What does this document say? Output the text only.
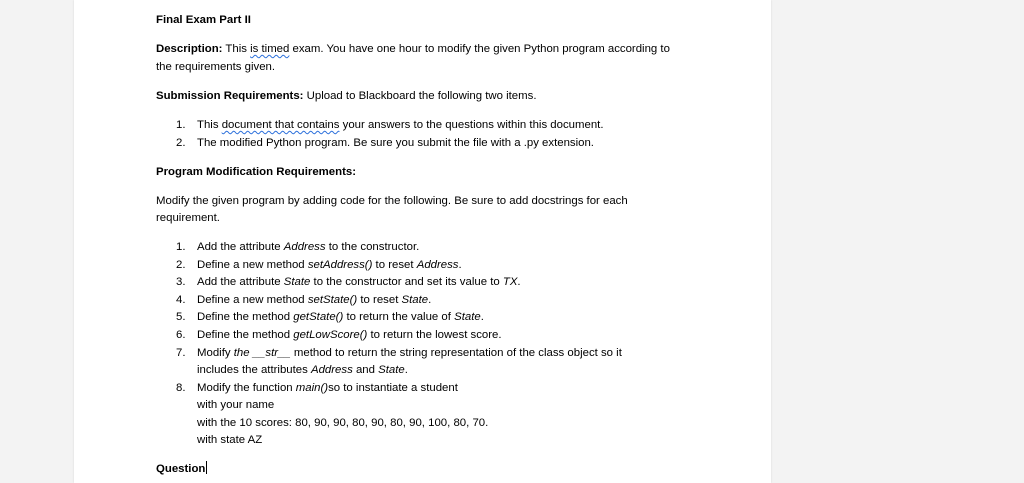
Final Exam Part II
Description: This is timed exam. You have one hour to modify the given Python program according to
the requirements given.
Submission Requirements: Upload to Blackboard the following two items.
1. This document that contains your answers to the questions within this document.
2. The modified Python program. Be sure you submit the file with a .py extension.
Program Modification Requirements:
Modify the given program by adding code for the following. Be sure to add docstrings for each
requirement.
1. Add the attribute Address to the constructor.
2. Define a new method setAddress() to reset Address.
3. Add the attribute State to the constructor and set its value to TX.
4. Define a new method setState() to reset State.
5. Define the method getState() to return the value of State.
6. Define the method getLowScore() to return the lowest score.
7. Modify the __str__ method to return the string representation of the class object so it
includes the attributes Address and State.
8. Modify the function main()so to instantiate a student
with your name
with the 10 scores: 80, 90, 90, 80, 90, 80, 90, 100, 80, 70.
with state AZ
Question
